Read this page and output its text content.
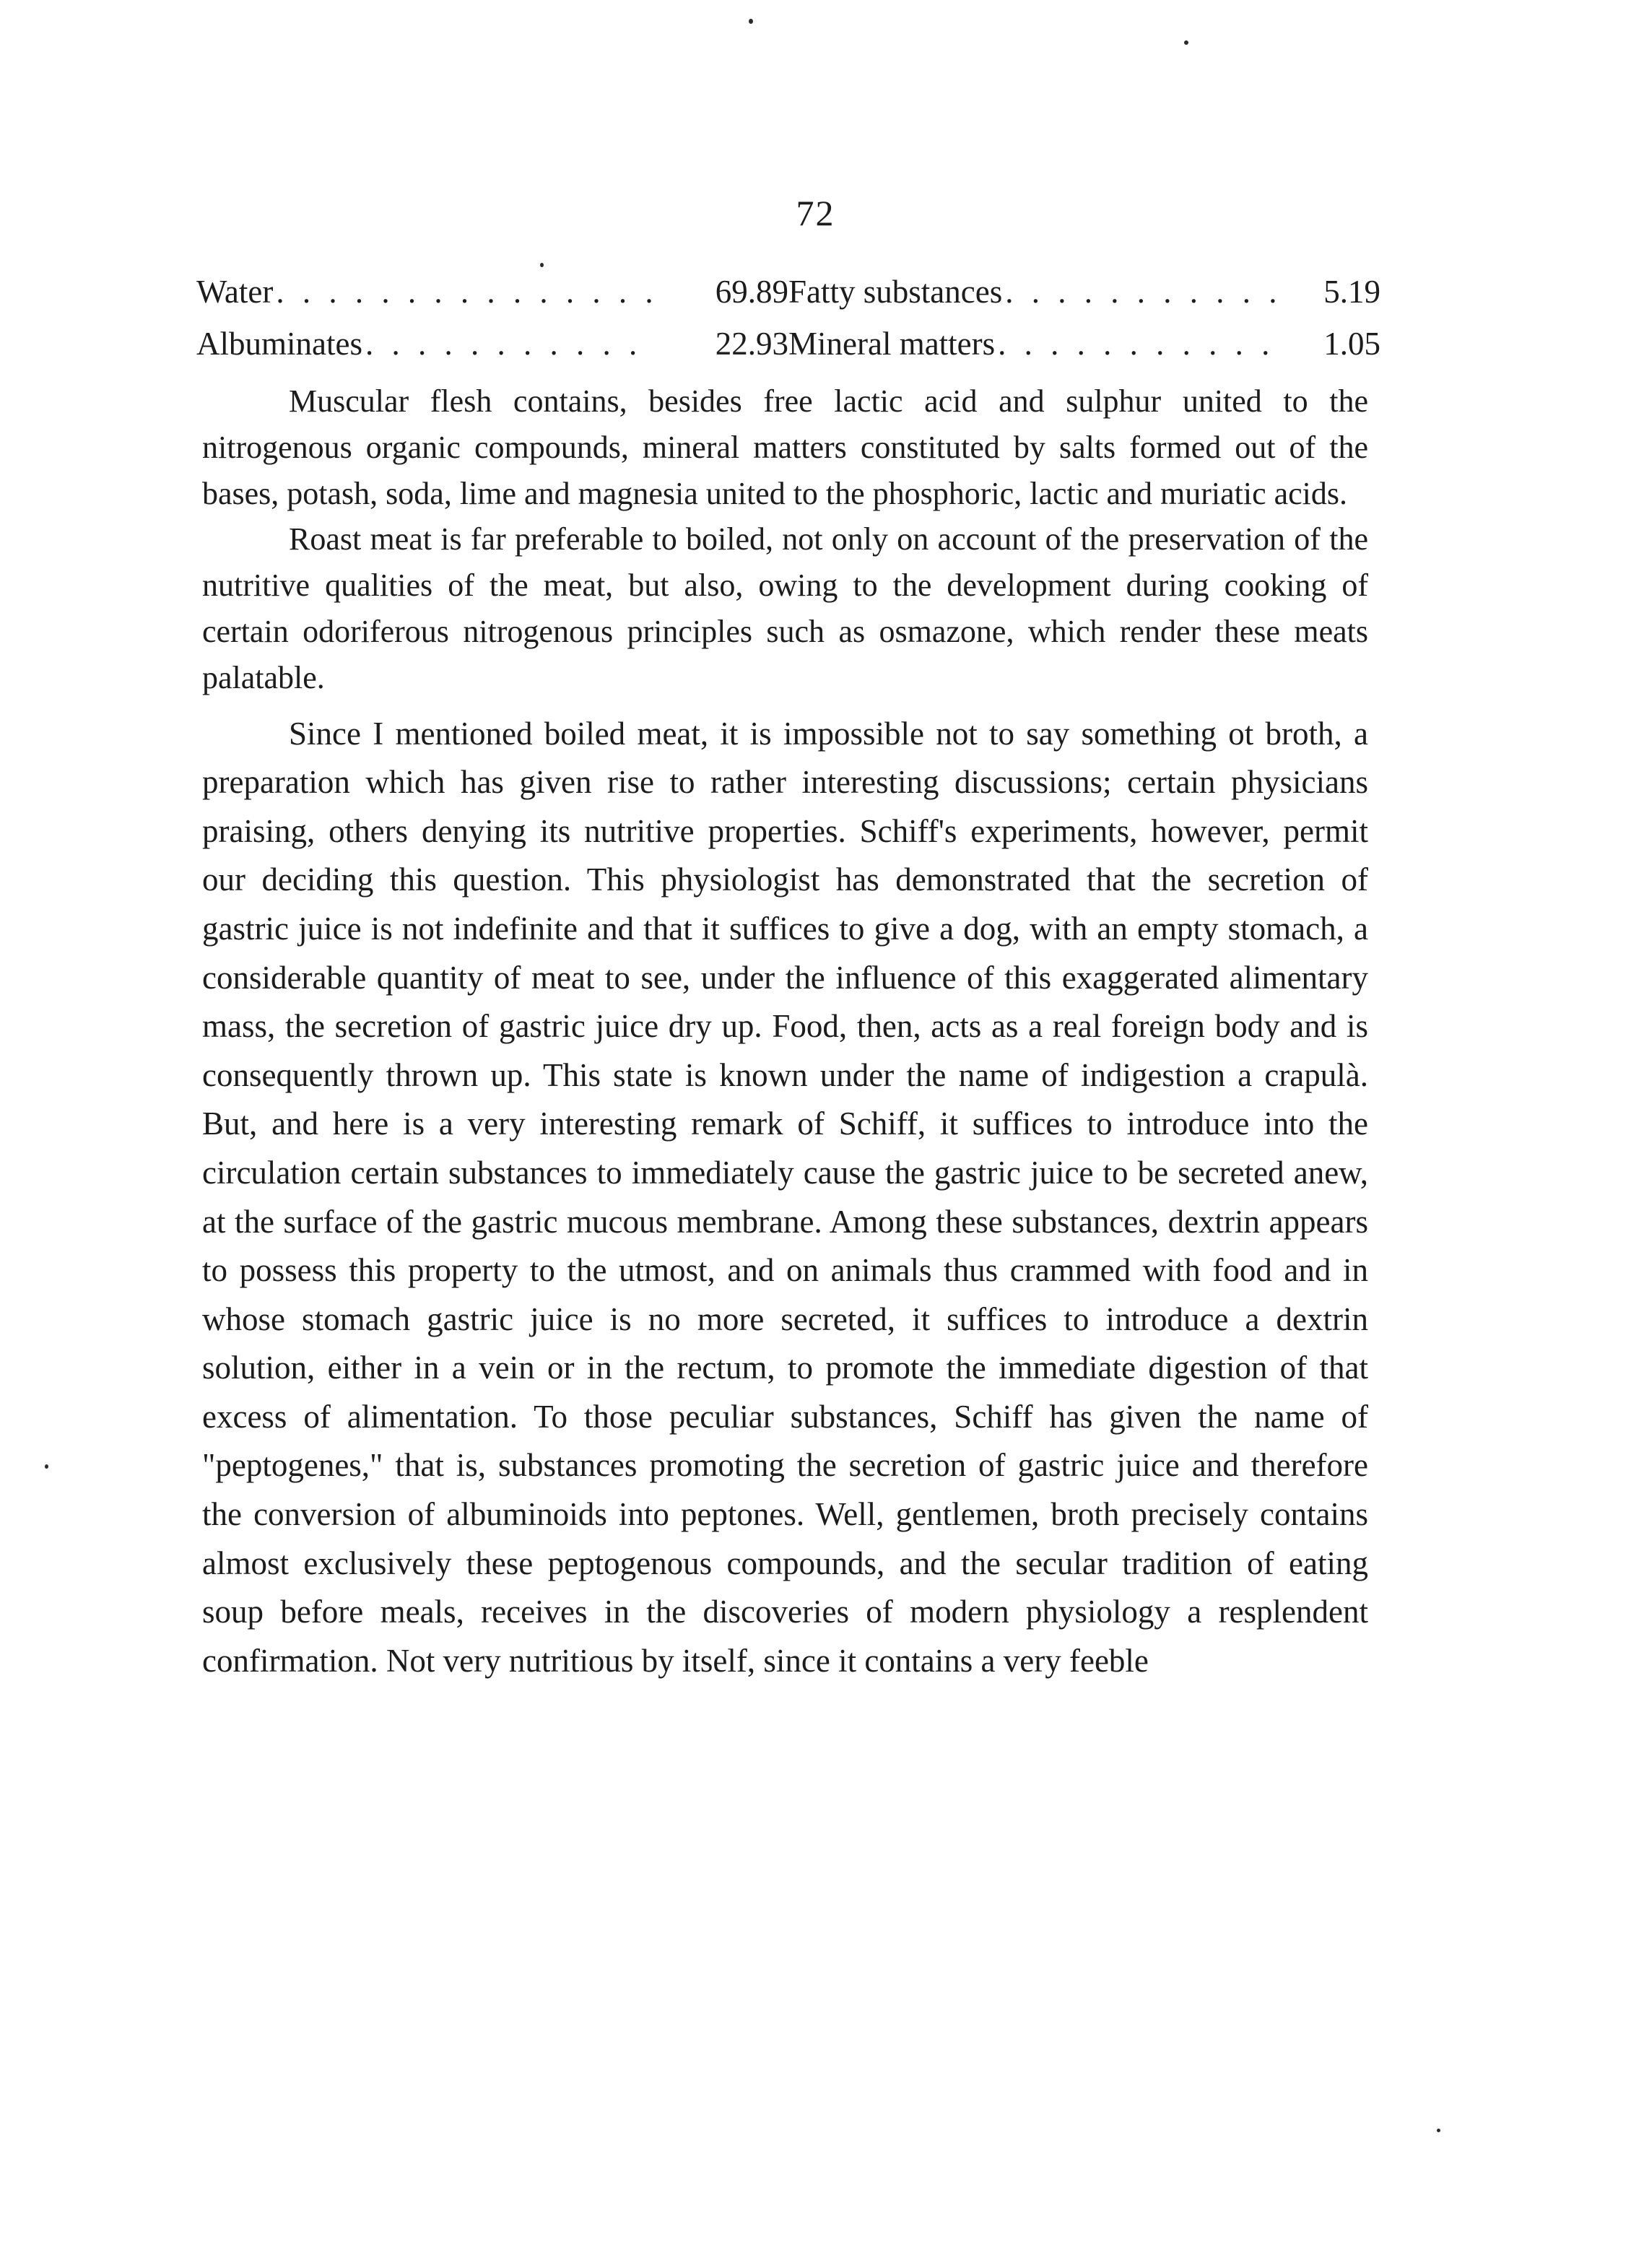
72
Water . . .	69.89 Fatty substances . . .	5.19
Albuminates . . .	22.93 Mineral matters . . .	1.05

Muscular flesh contains, besides free lactic acid and sulphur united to the nitrogenous organic compounds, mineral matters constituted by salts formed out of the bases, potash, soda, lime and magnesia united to the phosphoric, lactic and muriatic acids.

Roast meat is far preferable to boiled, not only on account of the preservation of the nutritive qualities of the meat, but also, owing to the development during cooking of certain odoriferous nitrogenous principles such as osmazone, which render these meats palatable.

Since I mentioned boiled meat, it is impossible not to say something ot broth, a preparation which has given rise to rather interesting discussions; certain physicians praising, others denying its nutritive properties. Schiff's experiments, however, permit our deciding this question. This physiologist has demonstrated that the secretion of gastric juice is not indefinite and that it suffices to give a dog, with an empty stomach, a considerable quantity of meat to see, under the influence of this exaggerated alimentary mass, the secretion of gastric juice dry up. Food, then, acts as a real foreign body and is consequently thrown up. This state is known under the name of indigestion a crapulà. But, and here is a very interesting remark of Schiff, it suffices to introduce into the circulation certain substances to immediately cause the gastric juice to be secreted anew, at the surface of the gastric mucous membrane. Among these substances, dextrin appears to possess this property to the utmost, and on animals thus crammed with food and in whose stomach gastric juice is no more secreted, it suffices to introduce a dextrin solution, either in a vein or in the rectum, to promote the immediate digestion of that excess of alimentation. To those peculiar substances, Schiff has given the name of "peptogenes," that is, substances promoting the secretion of gastric juice and therefore the conversion of albuminoids into peptones. Well, gentlemen, broth precisely contains almost exclusively these peptogenous compounds, and the secular tradition of eating soup before meals, receives in the discoveries of modern physiology a resplendent confirmation. Not very nutritious by itself, since it contains a very feeble
